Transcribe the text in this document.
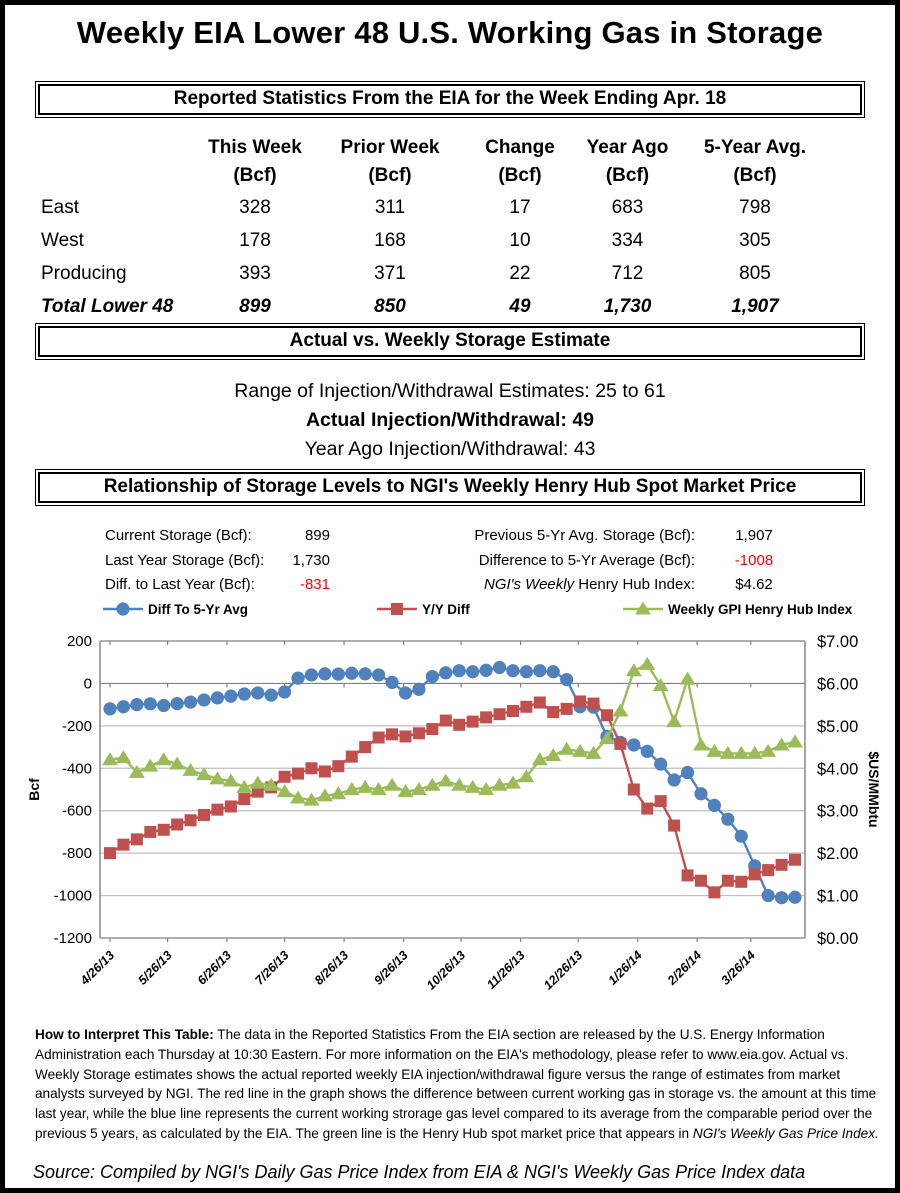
Weekly EIA Lower 48 U.S. Working Gas in Storage
Reported Statistics From the EIA for the Week Ending Apr. 18
This Week	Prior Week	Change	Year Ago	5-Year Avg.
(Bcf)	(Bcf)	(Bcf)	(Bcf)	(Bcf)
East	328	311	17	683	798
West	178	168	10	334	305
Producing	393	371	22	712	805
Total Lower 48	899	850	49	1,730	1,907
Actual vs. Weekly Storage Estimate
Range of Injection/Withdrawal Estimates: 25 to 61
Actual Injection/Withdrawal: 49
Year Ago Injection/Withdrawal: 43
Relationship of Storage Levels to NGI's Weekly Henry Hub Spot Market Price
Current Storage (Bcf):	899	Previous 5-Yr Avg. Storage (Bcf):	1,907
Last Year Storage (Bcf):	1,730	Difference to 5-Yr Average (Bcf):	-1008
Diff. to Last Year (Bcf):	-831	NGI's Weekly Henry Hub Index:	$4.62
200	$7.00
0	$6.00
-200	$5.00
-400	$4.00
-600	$3.00
-800	$2.00
-1000	$1.00
-1200	$0.00
4/26/13 5/26/13 6/26/13 7/26/13 8/26/13 9/26/13 10/26/13 11/26/13 12/26/13 1/26/14 2/26/14 3/26/14
Diff To 5-Yr Avg	Y/Y Diff	Weekly GPI Henry Hub Index
Bcf	$US/MMbtu
How to Interpret This Table: The data in the Reported Statistics From the EIA section are released by the U.S. Energy Information Administration each Thursday at 10:30 Eastern. For more information on the EIA's methodology, please refer to www.eia.gov. Actual vs. Weekly Storage estimates shows the actual reported weekly EIA injection/withdrawal figure versus the range of estimates from market analysts surveyed by NGI. The red line in the graph shows the difference between current working gas in storage vs. the amount at this time last year, while the blue line represents the current working strorage gas level compared to its average from the comparable period over the previous 5 years, as calculated by the EIA. The green line is the Henry Hub spot market price that appears in NGI's Weekly Gas Price Index.
Source: Compiled by NGI's Daily Gas Price Index from EIA & NGI's Weekly Gas Price Index data
